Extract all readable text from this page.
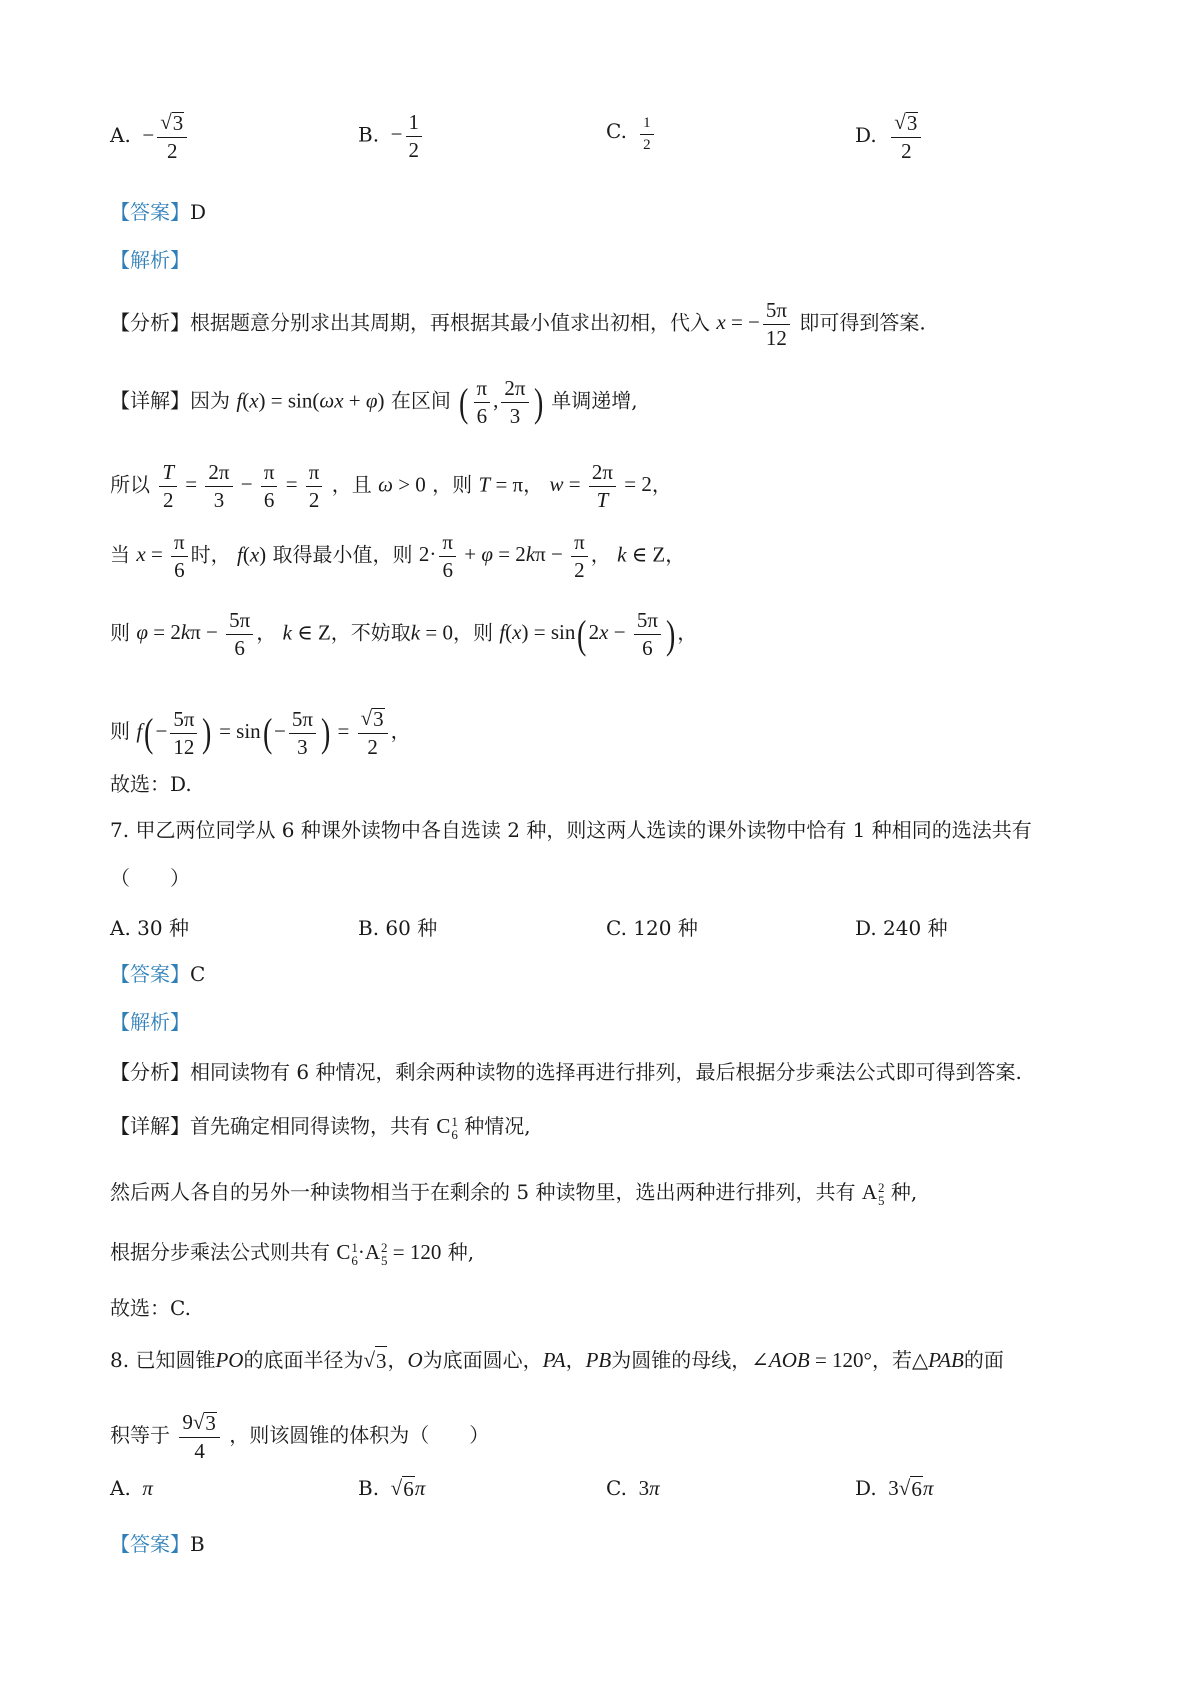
A.  − $\frac{√ 3}{2}$	B.  − $\frac{1}{2}$	C. $\frac{1}{2}$	D. $\frac{√ 3}{2}$
【答案】D
【解析】
【分析】根据题意分别求出其周期，再根据其最小值求出初相，代入 x = − $\frac{5\pi}{12}$ 即可得到答案.
【详解】因为 f(x) = sin(ωx + φ) 在区间 ( $\frac{\pi}{6}$ , $\frac{2\pi}{3}$ ) 单调递增,
所以 $\frac{T}{2} = \frac{2\pi}{3} - \frac{\pi}{6} = \frac{\pi}{2}$ ，且 ω > 0 ，则 T = π， $w = \frac{2\pi}{T} = 2$，
当 $x = \frac{\pi}{6}$ 时， f(x) 取得最小值，则 $2\cdot \frac{\pi}{6} + \varphi = 2k\pi - \frac{\pi}{2}$ ， k ∈ Z，
则 $\varphi = 2k\pi - \frac{5\pi}{6}$ ， k ∈ Z，不妨取k = 0，则 $f(x) = \sin(2x - \frac{5\pi}{6}$ )，
则 $f(- \frac{5\pi}{12}$ ) = $\sin(- \frac{5\pi}{3}$ ) = $\frac{√ 3}{2}$ ，
故选：D.
7. 甲乙两位同学从 6 种课外读物中各自选读 2 种，则这两人选读的课外读物中恰有 1 种相同的选法共有
（　　）
A. 30 种	B. 60 种	C. 120 种	D. 240 种
【答案】C
【解析】
【分析】相同读物有 6 种情况，剩余两种读物的选择再进行排列，最后根据分步乘法公式即可得到答案.
【详解】首先确定相同得读物，共有 C 1
6 种情况,
然后两人各自的另外一种读物相当于在剩余的 5 种读物里，选出两种进行排列，共有 A 2
5 种,
根据分步乘法公式则共有 C 1
6 ·A 2
5 = 120 种,
故选：C.
8. 已知圆锥PO的底面半径为√ 3 ，O为底面圆心，PA，PB为圆锥的母线，∠AOB = 120°，若△PAB的面
积等于 $\frac{9√ 3}{4}$ ，则该圆锥的体积为（　　）
A.  π	B. √ 6 π	C.  3π	D.  3√ 6 π
【答案】B
